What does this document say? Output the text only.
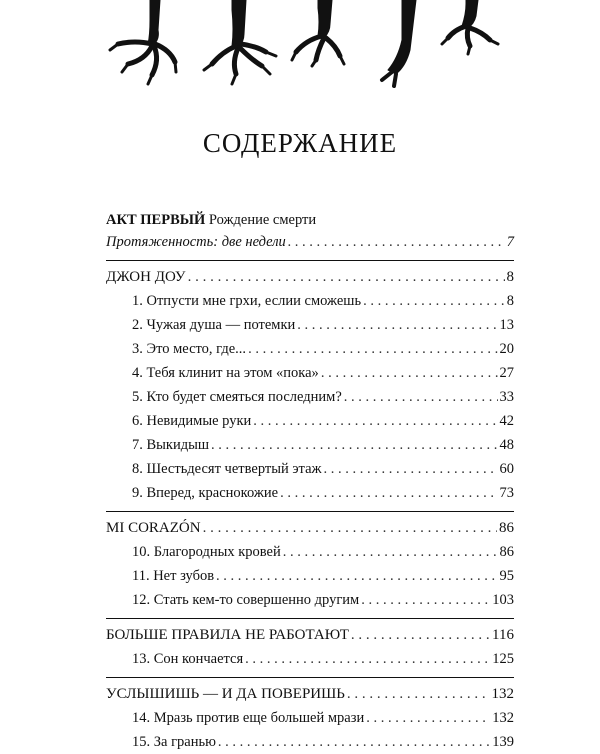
СОДЕРЖАНИЕ
АКТ ПЕРВЫЙ Рождение смерти
Протяженность: две недели . . .	7
ДЖОН ДОУ . . .	8
1. Отпусти мне грхи, еслии сможешь . . .	8
2. Чужая душа — потемки . . .	13
3. Это место, где... . . .	20
4. Тебя клинит на этом «пока» . . .	27
5. Кто будет смеяться последним? . . .	33
6. Невидимые руки . . .	42
7. Выкидыш . . .	48
8. Шестьдесят четвертый этаж . . .	60
9. Вперед, краснокожие . . .	73
MI CORAZÓN . . .	86
10. Благородных кровей . . .	86
11. Нет зубов . . .	95
12. Стать кем-то совершенно другим . . .	103
БОЛЬШЕ ПРАВИЛА НЕ РАБОТАЮТ . . .	116
13. Сон кончается . . .	125
УСЛЫШИШЬ — И ДА ПОВЕРИШЬ . . .	132
14. Мразь против еще большей мрази . . .	132
15. За гранью . . .	139
